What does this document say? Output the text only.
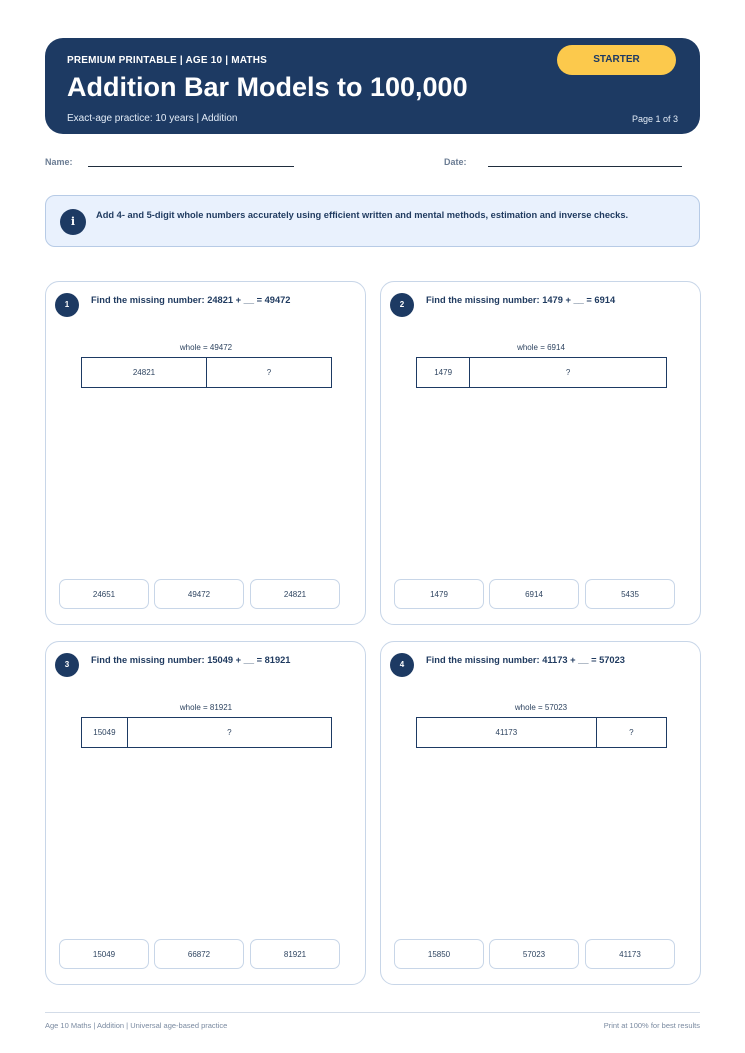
PREMIUM PRINTABLE | AGE 10 | MATHS
Addition Bar Models to 100,000
Exact-age practice: 10 years | Addition	Page 1 of 3
STARTER
Name:	Date:
i	Add 4- and 5-digit whole numbers accurately using efficient written and mental methods, estimation and inverse checks.
1	Find the missing number: 24821 + __ = 49472
whole = 49472
24821	?
24651	49472	24821
2	Find the missing number: 1479 + __ = 6914
whole = 6914
1479	?
1479	6914	5435
3	Find the missing number: 15049 + __ = 81921
whole = 81921
15049	?
15049	66872	81921
4	Find the missing number: 41173 + __ = 57023
whole = 57023
41173	?
15850	57023	41173
Age 10 Maths | Addition | Universal age-based practice	Print at 100% for best results
